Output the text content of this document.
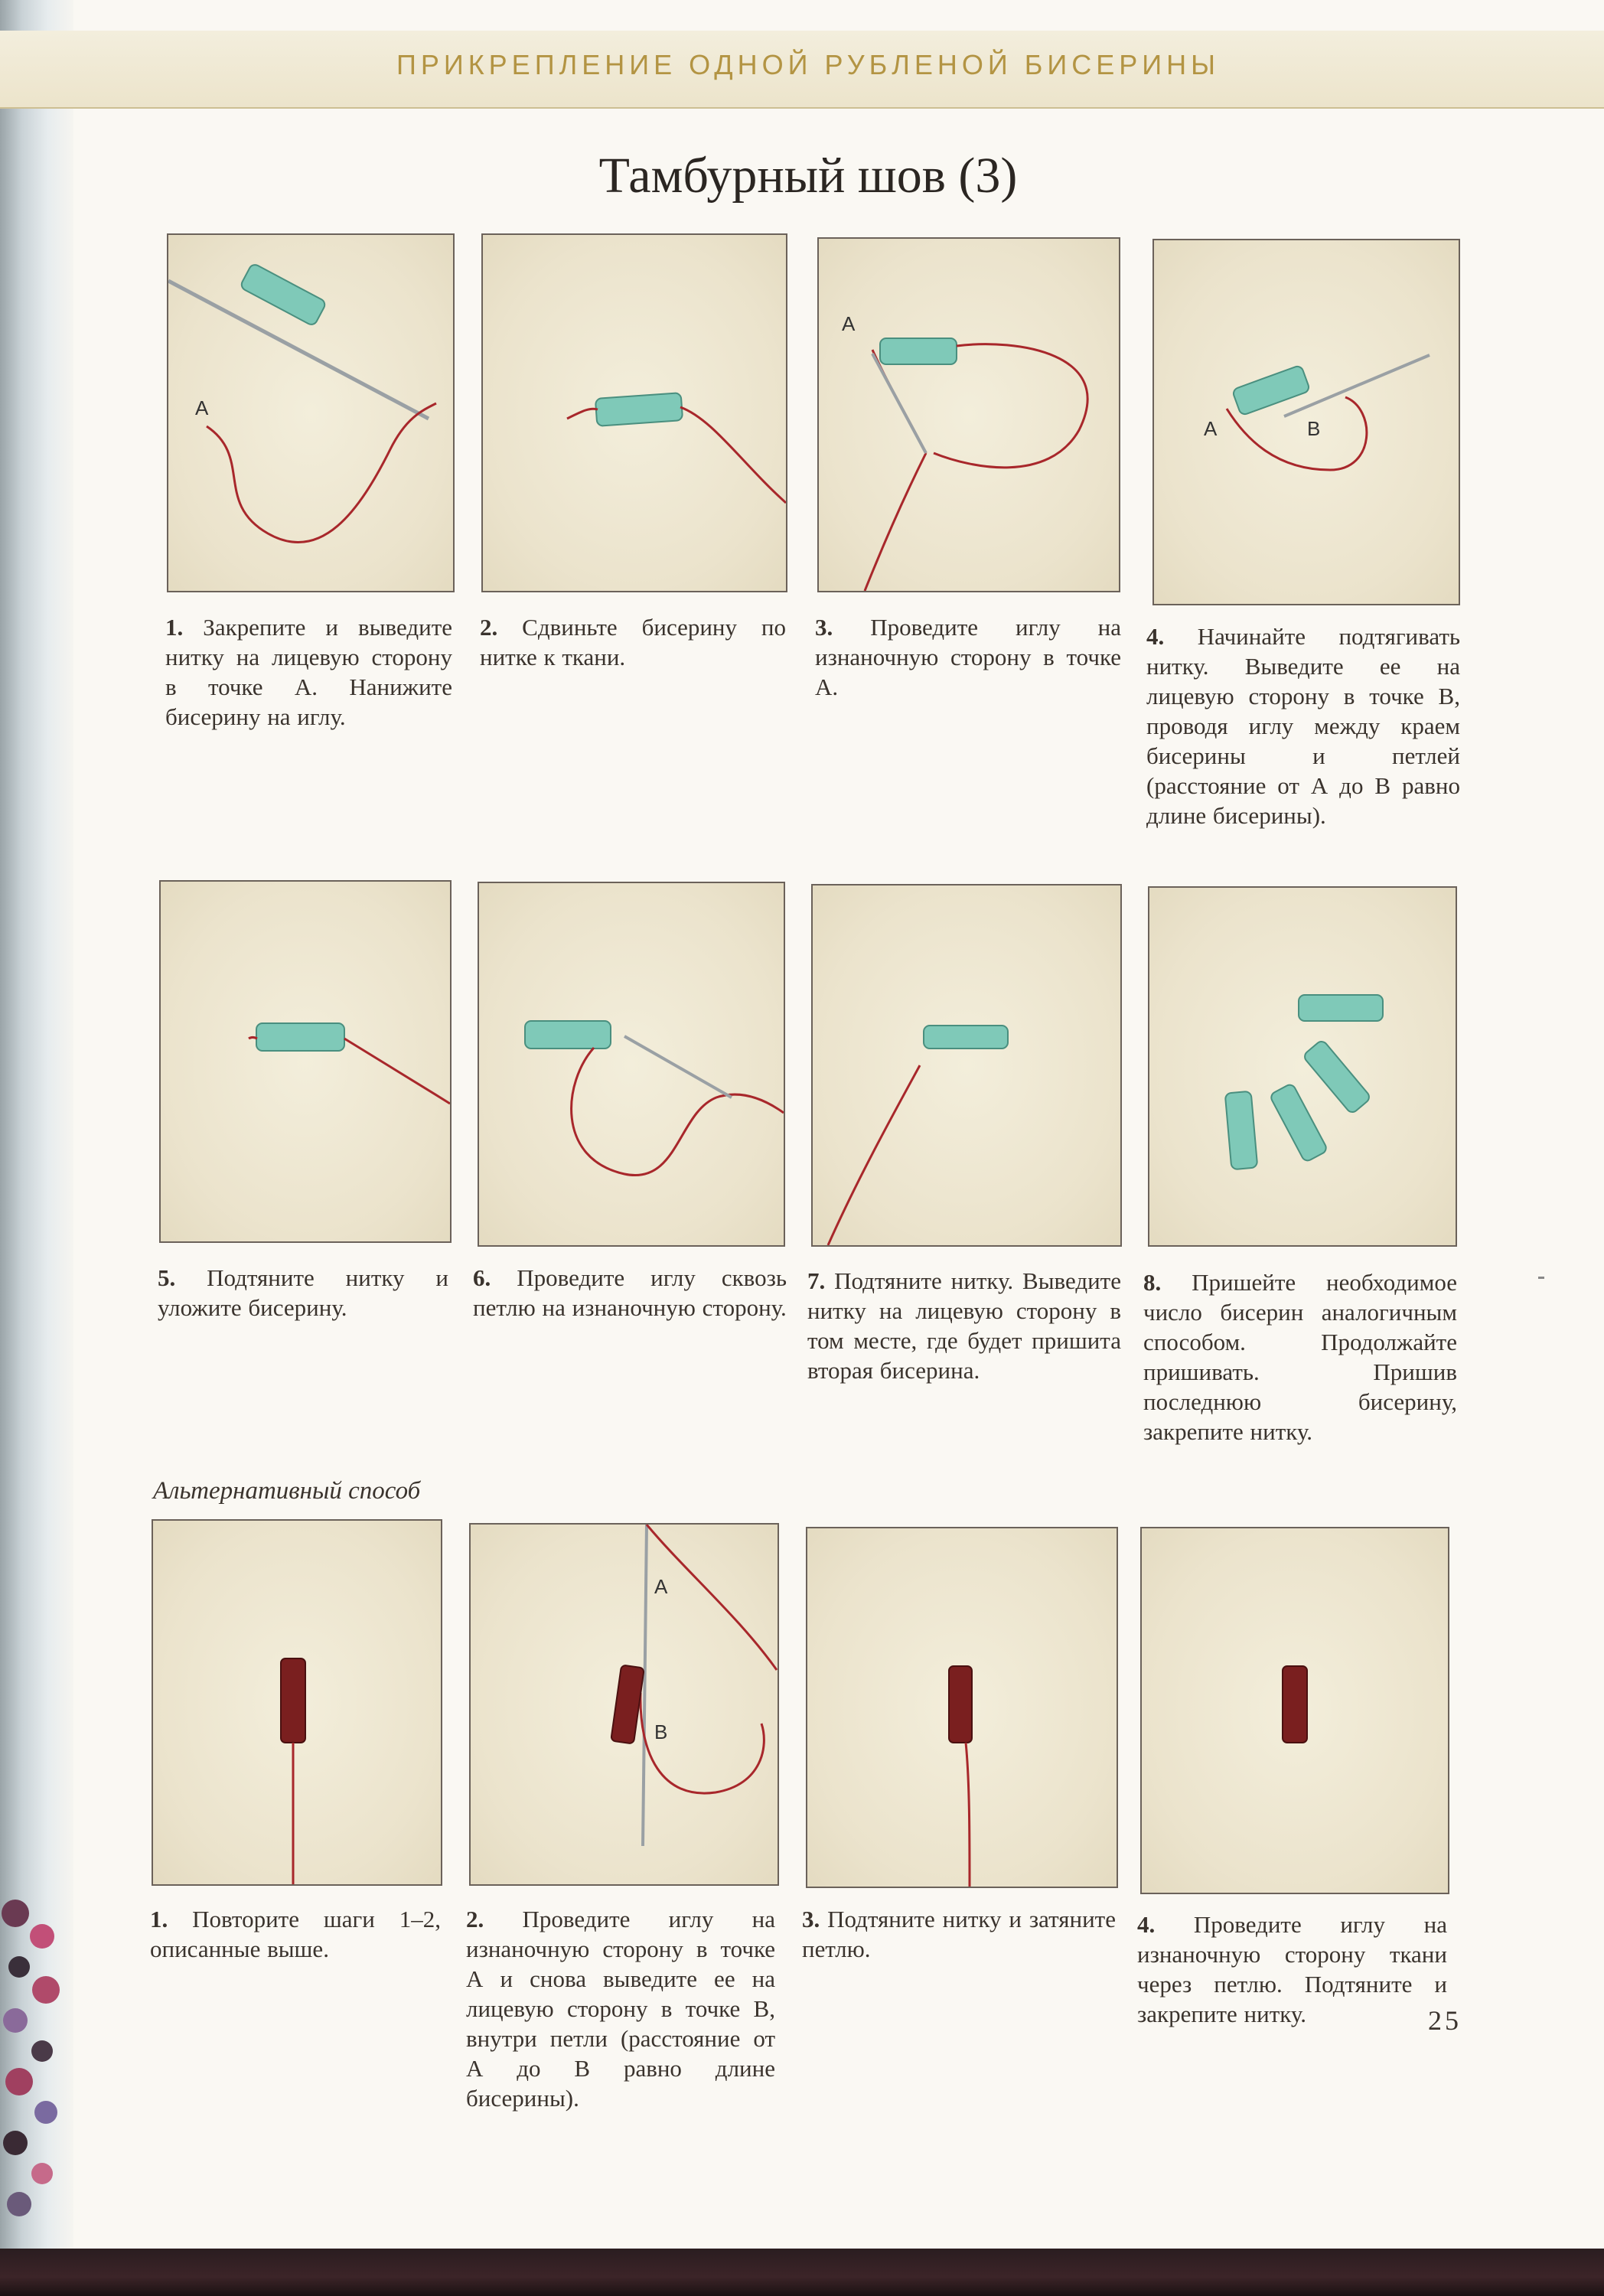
ПРИКРЕПЛЕНИЕ ОДНОЙ РУБЛЕНОЙ БИСЕРИНЫ
Тамбурный шов (3)
А
А
А	В
1. Закрепите и выведите нитку на лицевую сторону в точке А. Нанижите бисерину на иглу.
2. Сдвиньте бисерину по нитке к ткани.
3. Проведите иглу на изнаночную сторону в точке А.
4. Начинайте подтягивать нитку. Выведите ее на лицевую сторону в точке В, проводя иглу между краем бисерины и петлей (расстояние от А до В равно длине бисерины).
5. Подтяните нитку и уложите бисерину.
6. Проведите иглу сквозь петлю на изнаночную сторону.
7. Подтяните нитку. Выведите нитку на лицевую сторону в том месте, где будет пришита вторая бисерина.
8. Пришейте необходимое число бисерин аналогичным способом. Продолжайте пришивать. Пришив последнюю бисерину, закрепите нитку.
Альтернативный способ
А
В
1. Повторите шаги 1–2, описанные выше.
2. Проведите иглу на изнаночную сторону в точке А и снова выведите ее на лицевую сторону в точке В, внутри петли (расстояние от А до В равно длине бисерины).
3. Подтяните нитку и затяните петлю.
4. Проведите иглу на изнаночную сторону ткани через петлю. Подтяните и закрепите нитку.	25
